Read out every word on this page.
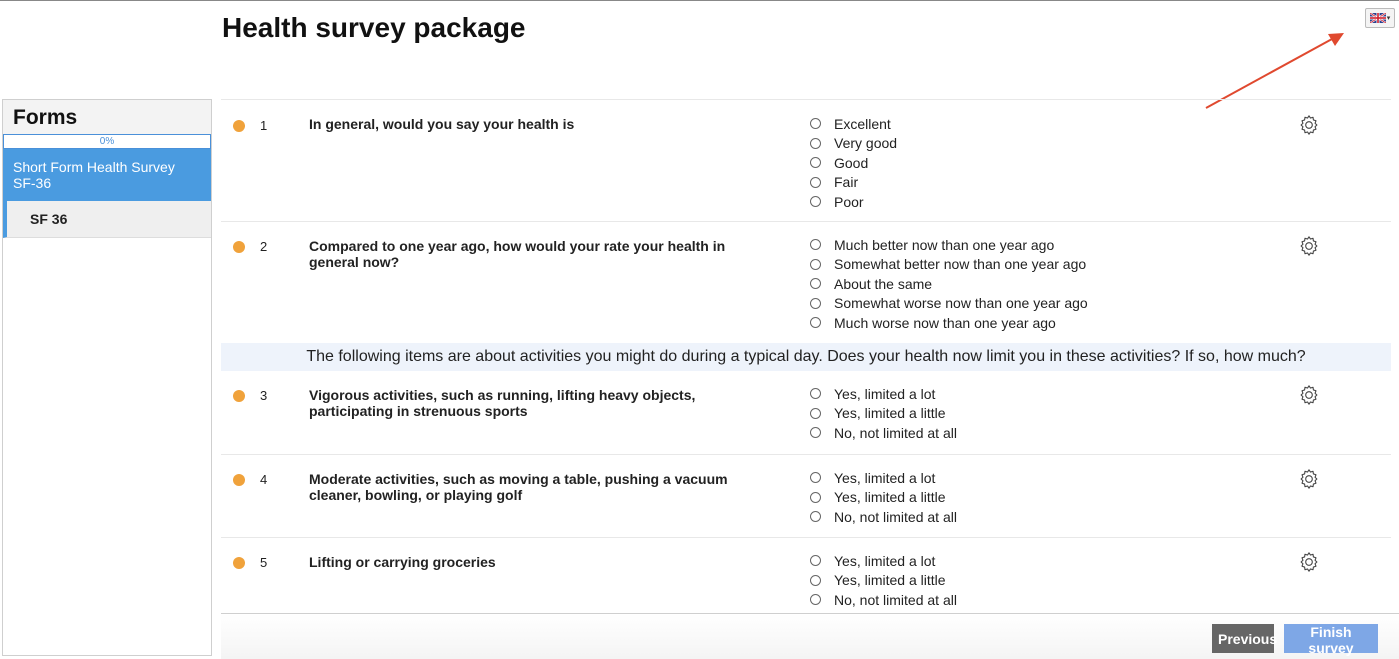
Health survey package	▾
Forms
0%
Short Form Health Survey SF-36
SF 36
1	In general, would you say your health is	Excellent
Very good
Good
Fair
Poor
2	Compared to one year ago, how would your rate your health in general now?
Much better now than one year ago
Somewhat better now than one year ago
About the same
Somewhat worse now than one year ago
Much worse now than one year ago
The following items are about activities you might do during a typical day. Does your health now limit you in these activities? If so, how much?
3	Vigorous activities, such as running, lifting heavy objects, participating in strenuous sports
Yes, limited a lot
Yes, limited a little
No, not limited at all
4	Moderate activities, such as moving a table, pushing a vacuum cleaner, bowling, or playing golf
Yes, limited a lot
Yes, limited a little
No, not limited at all
5	Lifting or carrying groceries	Yes, limited a lot
Yes, limited a little
No, not limited at all
Previous	Finish survey
